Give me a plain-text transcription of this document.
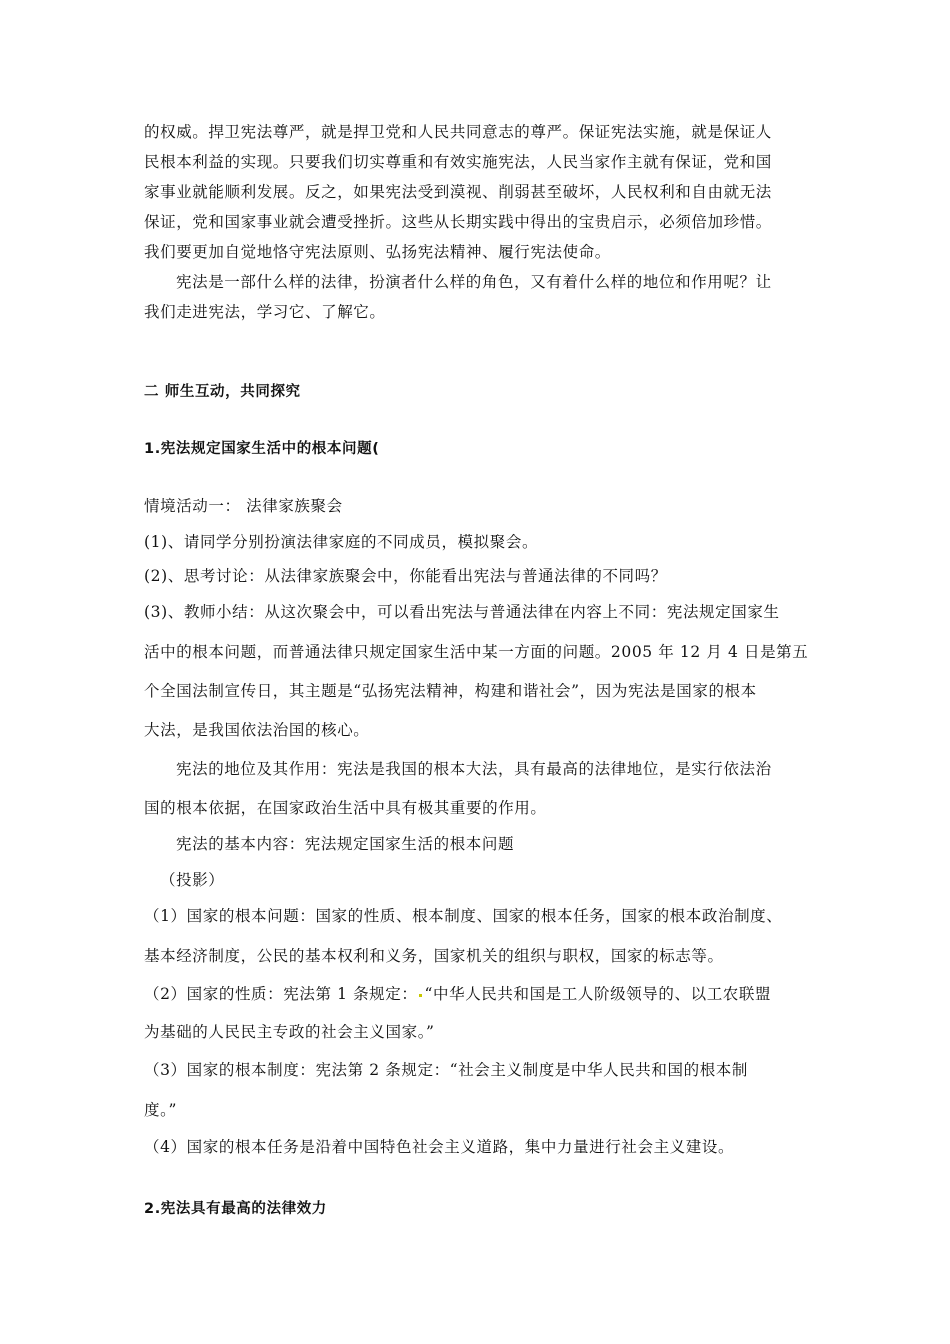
的权威。捍卫宪法尊严，就是捍卫党和人民共同意志的尊严。保证宪法实施，就是保证人
民根本利益的实现。只要我们切实尊重和有效实施宪法，人民当家作主就有保证，党和国
家事业就能顺利发展。反之，如果宪法受到漠视、削弱甚至破坏，人民权利和自由就无法
保证，党和国家事业就会遭受挫折。这些从长期实践中得出的宝贵启示，必须倍加珍惜。
我们要更加自觉地恪守宪法原则、弘扬宪法精神、履行宪法使命。
宪法是一部什么样的法律，扮演者什么样的角色，又有着什么样的地位和作用呢？让
我们走进宪法，学习它、了解它。
二 师生互动，共同探究
1.宪法规定国家生活中的根本问题(
情境活动一： 法律家族聚会
(1)、请同学分别扮演法律家庭的不同成员，模拟聚会。
(2)、思考讨论：从法律家族聚会中，你能看出宪法与普通法律的不同吗？
(3)、教师小结：从这次聚会中，可以看出宪法与普通法律在内容上不同：宪法规定国家生
活中的根本问题，而普通法律只规定国家生活中某一方面的问题。2005 年 12 月 4 日是第五
个全国法制宣传日，其主题是“弘扬宪法精神，构建和谐社会”，因为宪法是国家的根本
大法，是我国依法治国的核心。
宪法的地位及其作用：宪法是我国的根本大法，具有最高的法律地位，是实行依法治
国的根本依据，在国家政治生活中具有极其重要的作用。
宪法的基本内容：宪法规定国家生活的根本问题
（投影）
（1）国家的根本问题：国家的性质、根本制度、国家的根本任务，国家的根本政治制度、
基本经济制度，公民的基本权利和义务，国家机关的组织与职权，国家的标志等。
（2）国家的性质：宪法第 1 条规定： “中华人民共和国是工人阶级领导的、以工农联盟
为基础的人民民主专政的社会主义国家。”
（3）国家的根本制度：宪法第 2 条规定：“社会主义制度是中华人民共和国的根本制
度。”
（4）国家的根本任务是沿着中国特色社会主义道路，集中力量进行社会主义建设。
2.宪法具有最高的法律效力
